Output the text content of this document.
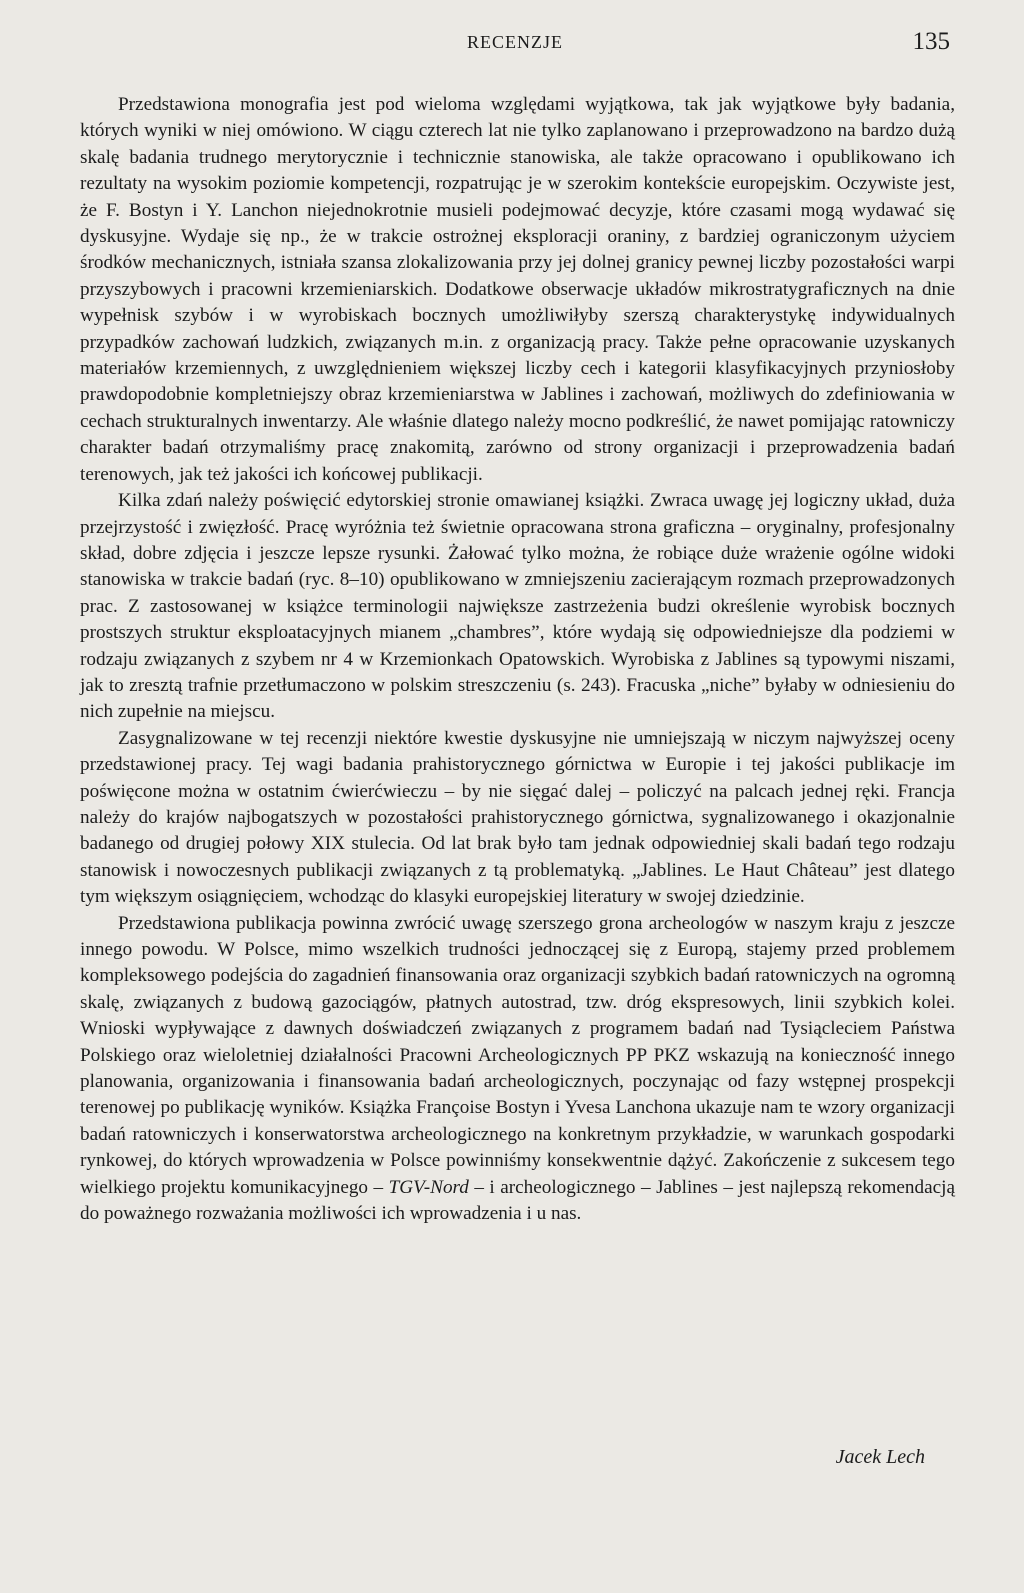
RECENZJE	135

Przedstawiona monografia jest pod wieloma względami wyjątkowa, tak jak wyjątkowe były badania, których wyniki w niej omówiono. W ciągu czterech lat nie tylko zaplanowano i przeprowadzono na bardzo dużą skalę badania trudnego merytorycznie i technicznie stanowiska, ale także opracowano i opublikowano ich rezultaty na wysokim poziomie kompetencji, rozpatrując je w szerokim kontekście europejskim. Oczywiste jest, że F. Bostyn i Y. Lanchon niejednokrotnie musieli podejmować decyzje, które czasami mogą wydawać się dyskusyjne. Wydaje się np., że w trakcie ostrożnej eksploracji oraniny, z bardziej ograniczonym użyciem środków mechanicznych, istniała szansa zlokalizowania przy jej dolnej granicy pewnej liczby pozostałości warpi przyszybowych i pracowni krzemieniarskich. Dodatkowe obserwacje układów mikrostratygraficznych na dnie wypełnisk szybów i w wyrobiskach bocznych umożliwiłyby szerszą charakterystykę indywidualnych przypadków zachowań ludzkich, związanych m.in. z organizacją pracy. Także pełne opracowanie uzyskanych materiałów krzemiennych, z uwzględnieniem większej liczby cech i kategorii klasyfikacyjnych przyniosłoby prawdopodobnie kompletniejszy obraz krzemieniarstwa w Jablines i zachowań, możliwych do zdefiniowania w cechach strukturalnych inwentarzy. Ale właśnie dlatego należy mocno podkreślić, że nawet pomijając ratowniczy charakter badań otrzymaliśmy pracę znakomitą, zarówno od strony organizacji i przeprowadzenia badań terenowych, jak też jakości ich końcowej publikacji.

Kilka zdań należy poświęcić edytorskiej stronie omawianej książki. Zwraca uwagę jej logiczny układ, duża przejrzystość i zwięzłość. Pracę wyróżnia też świetnie opracowana strona graficzna – oryginalny, profesjonalny skład, dobre zdjęcia i jeszcze lepsze rysunki. Żałować tylko można, że robiące duże wrażenie ogólne widoki stanowiska w trakcie badań (ryc. 8–10) opublikowano w zmniejszeniu zacierającym rozmach przeprowadzonych prac. Z zastosowanej w książce terminologii największe zastrzeżenia budzi określenie wyrobisk bocznych prostszych struktur eksploatacyjnych mianem „chambres”, które wydają się odpowiedniejsze dla podziemi w rodzaju związanych z szybem nr 4 w Krzemionkach Opatowskich. Wyrobiska z Jablines są typowymi niszami, jak to zresztą trafnie przetłumaczono w polskim streszczeniu (s. 243). Fracuska „niche” byłaby w odniesieniu do nich zupełnie na miejscu.

Zasygnalizowane w tej recenzji niektóre kwestie dyskusyjne nie umniejszają w niczym najwyższej oceny przedstawionej pracy. Tej wagi badania prahistorycznego górnictwa w Europie i tej jakości publikacje im poświęcone można w ostatnim ćwierćwieczu – by nie sięgać dalej – policzyć na palcach jednej ręki. Francja należy do krajów najbogatszych w pozostałości prahistorycznego górnictwa, sygnalizowanego i okazjonalnie badanego od drugiej połowy XIX stulecia. Od lat brak było tam jednak odpowiedniej skali badań tego rodzaju stanowisk i nowoczesnych publikacji związanych z tą problematyką. „Jablines. Le Haut Château” jest dlatego tym większym osiągnięciem, wchodząc do klasyki europejskiej literatury w swojej dziedzinie.

Przedstawiona publikacja powinna zwrócić uwagę szerszego grona archeologów w naszym kraju z jeszcze innego powodu. W Polsce, mimo wszelkich trudności jednoczącej się z Europą, stajemy przed problemem kompleksowego podejścia do zagadnień finansowania oraz organizacji szybkich badań ratowniczych na ogromną skalę, związanych z budową gazociągów, płatnych autostrad, tzw. dróg ekspresowych, linii szybkich kolei. Wnioski wypływające z dawnych doświadczeń związanych z programem badań nad Tysiącleciem Państwa Polskiego oraz wieloletniej działalności Pracowni Archeologicznych PP PKZ wskazują na konieczność innego planowania, organizowania i finansowania badań archeologicznych, poczynając od fazy wstępnej prospekcji terenowej po publikację wyników. Książka Françoise Bostyn i Yvesa Lanchona ukazuje nam te wzory organizacji badań ratowniczych i konserwatorstwa archeologicznego na konkretnym przykładzie, w warunkach gospodarki rynkowej, do których wprowadzenia w Polsce powinniśmy konsekwentnie dążyć. Zakończenie z sukcesem tego wielkiego projektu komunikacyjnego – TGV-Nord – i archeologicznego – Jablines – jest najlepszą rekomendacją do poważnego rozważania możliwości ich wprowadzenia i u nas.

Jacek Lech
